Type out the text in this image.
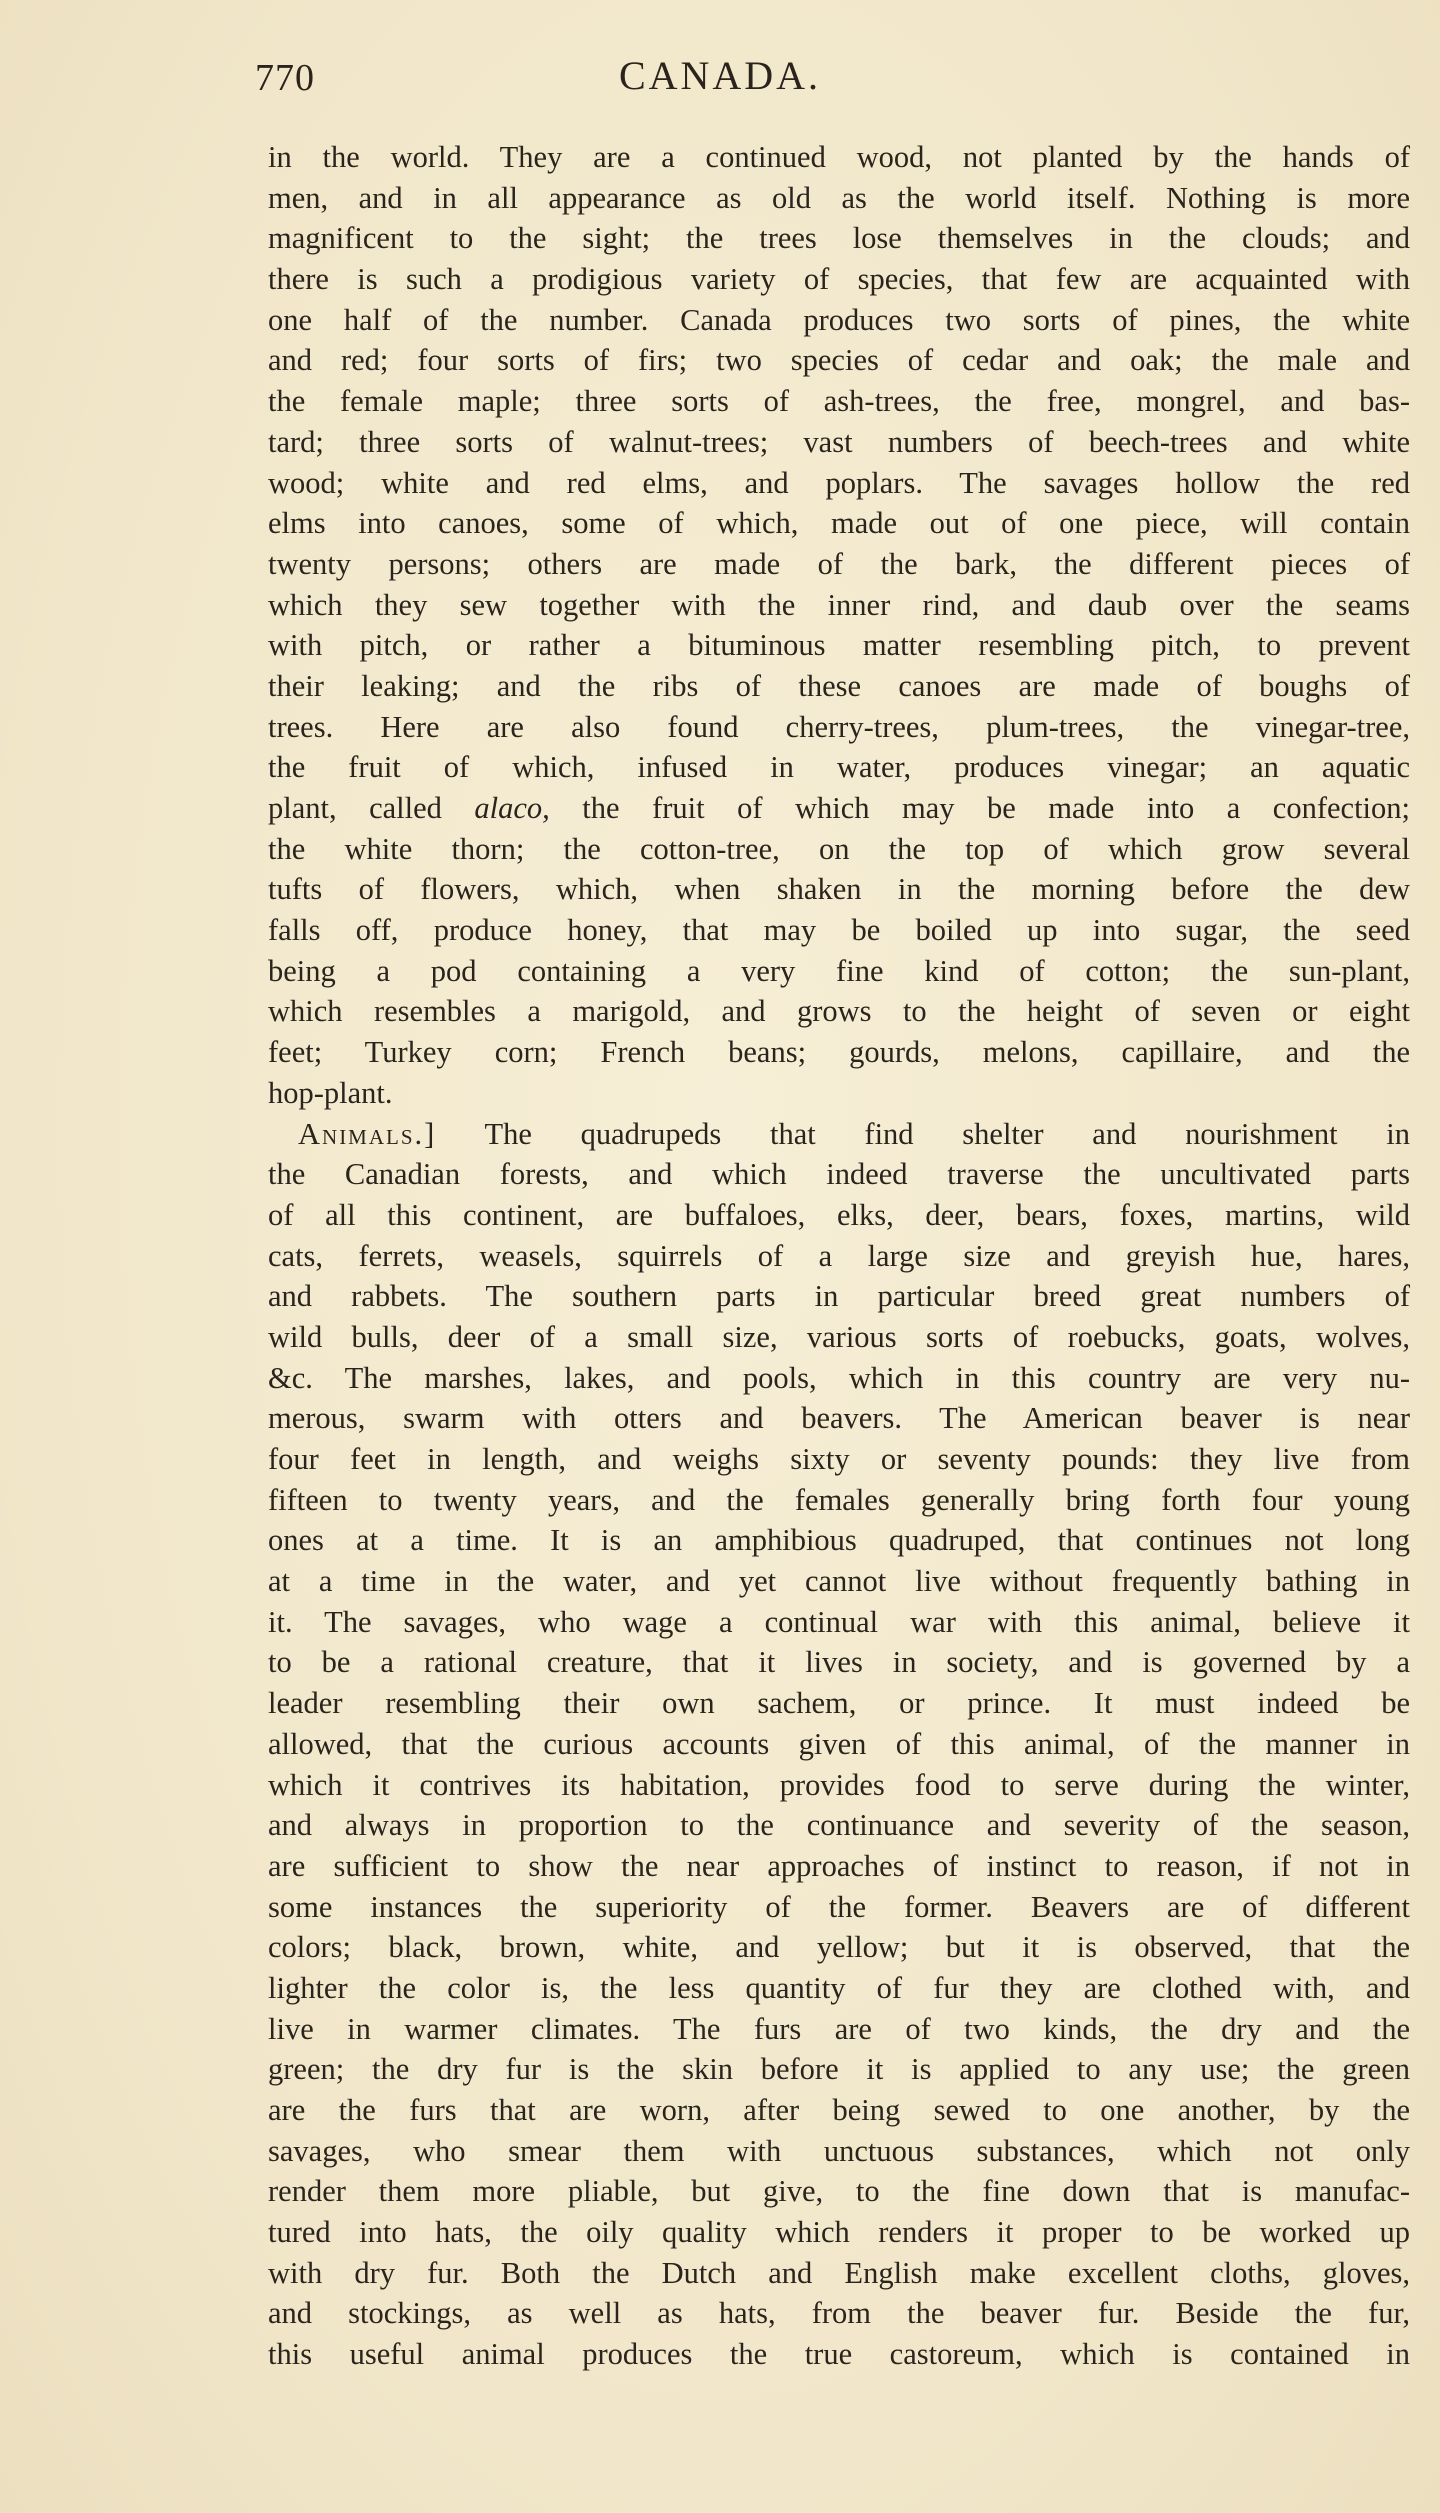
770	CANADA.
in the world. They are a continued wood, not planted by the hands of
men, and in all appearance as old as the world itself. Nothing is more
magnificent to the sight; the trees lose themselves in the clouds; and
there is such a prodigious variety of species, that few are acquainted with
one half of the number. Canada produces two sorts of pines, the white
and red; four sorts of firs; two species of cedar and oak; the male and
the female maple; three sorts of ash-trees, the free, mongrel, and bas-
tard; three sorts of walnut-trees; vast numbers of beech-trees and white
wood; white and red elms, and poplars. The savages hollow the red
elms into canoes, some of which, made out of one piece, will contain
twenty persons; others are made of the bark, the different pieces of
which they sew together with the inner rind, and daub over the seams
with pitch, or rather a bituminous matter resembling pitch, to prevent
their leaking; and the ribs of these canoes are made of boughs of
trees. Here are also found cherry-trees, plum-trees, the vinegar-tree,
the fruit of which, infused in water, produces vinegar; an aquatic
plant, called alaco, the fruit of which may be made into a confection;
the white thorn; the cotton-tree, on the top of which grow several
tufts of flowers, which, when shaken in the morning before the dew
falls off, produce honey, that may be boiled up into sugar, the seed
being a pod containing a very fine kind of cotton; the sun-plant,
which resembles a marigold, and grows to the height of seven or eight
feet; Turkey corn; French beans; gourds, melons, capillaire, and the
hop-plant.
Animals.] The quadrupeds that find shelter and nourishment in
the Canadian forests, and which indeed traverse the uncultivated parts
of all this continent, are buffaloes, elks, deer, bears, foxes, martins, wild
cats, ferrets, weasels, squirrels of a large size and greyish hue, hares,
and rabbets. The southern parts in particular breed great numbers of
wild bulls, deer of a small size, various sorts of roebucks, goats, wolves,
&c. The marshes, lakes, and pools, which in this country are very nu-
merous, swarm with otters and beavers. The American beaver is near
four feet in length, and weighs sixty or seventy pounds: they live from
fifteen to twenty years, and the females generally bring forth four young
ones at a time. It is an amphibious quadruped, that continues not long
at a time in the water, and yet cannot live without frequently bathing in
it. The savages, who wage a continual war with this animal, believe it
to be a rational creature, that it lives in society, and is governed by a
leader resembling their own sachem, or prince. It must indeed be
allowed, that the curious accounts given of this animal, of the manner in
which it contrives its habitation, provides food to serve during the winter,
and always in proportion to the continuance and severity of the season,
are sufficient to show the near approaches of instinct to reason, if not in
some instances the superiority of the former. Beavers are of different
colors; black, brown, white, and yellow; but it is observed, that the
lighter the color is, the less quantity of fur they are clothed with, and
live in warmer climates. The furs are of two kinds, the dry and the
green; the dry fur is the skin before it is applied to any use; the green
are the furs that are worn, after being sewed to one another, by the
savages, who smear them with unctuous substances, which not only
render them more pliable, but give, to the fine down that is manufac-
tured into hats, the oily quality which renders it proper to be worked up
with dry fur. Both the Dutch and English make excellent cloths, gloves,
and stockings, as well as hats, from the beaver fur. Beside the fur,
this useful animal produces the true castoreum, which is contained in
